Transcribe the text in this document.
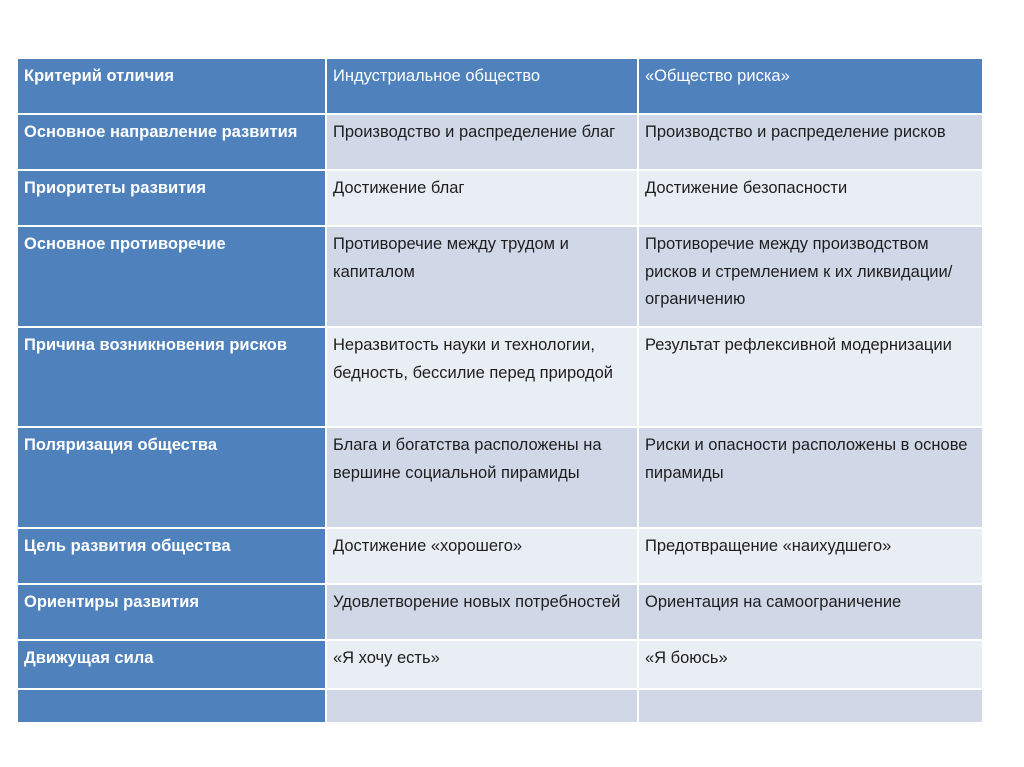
Критерий отличия	Индустриальное общество	«Общество риска»
Основное направление развития	Производство и распределение благ	Производство и распределение рисков
Приоритеты развития	Достижение благ	Достижение безопасности
Основное противоречие	Противоречие между трудом и капиталом	Противоречие между производством рисков и стремлением к их ликвидации/ограничению
Причина возникновения рисков	Неразвитость науки и технологии, бедность, бессилие перед природой	Результат рефлексивной модернизации
Поляризация общества	Блага и богатства расположены на вершине социальной пирамиды	Риски и опасности расположены в основе пирамиды
Цель развития общества	Достижение «хорошего»	Предотвращение «наихудшего»
Ориентиры развития	Удовлетворение новых потребностей	Ориентация на самоограничение
Движущая сила	«Я хочу есть»	«Я боюсь»
